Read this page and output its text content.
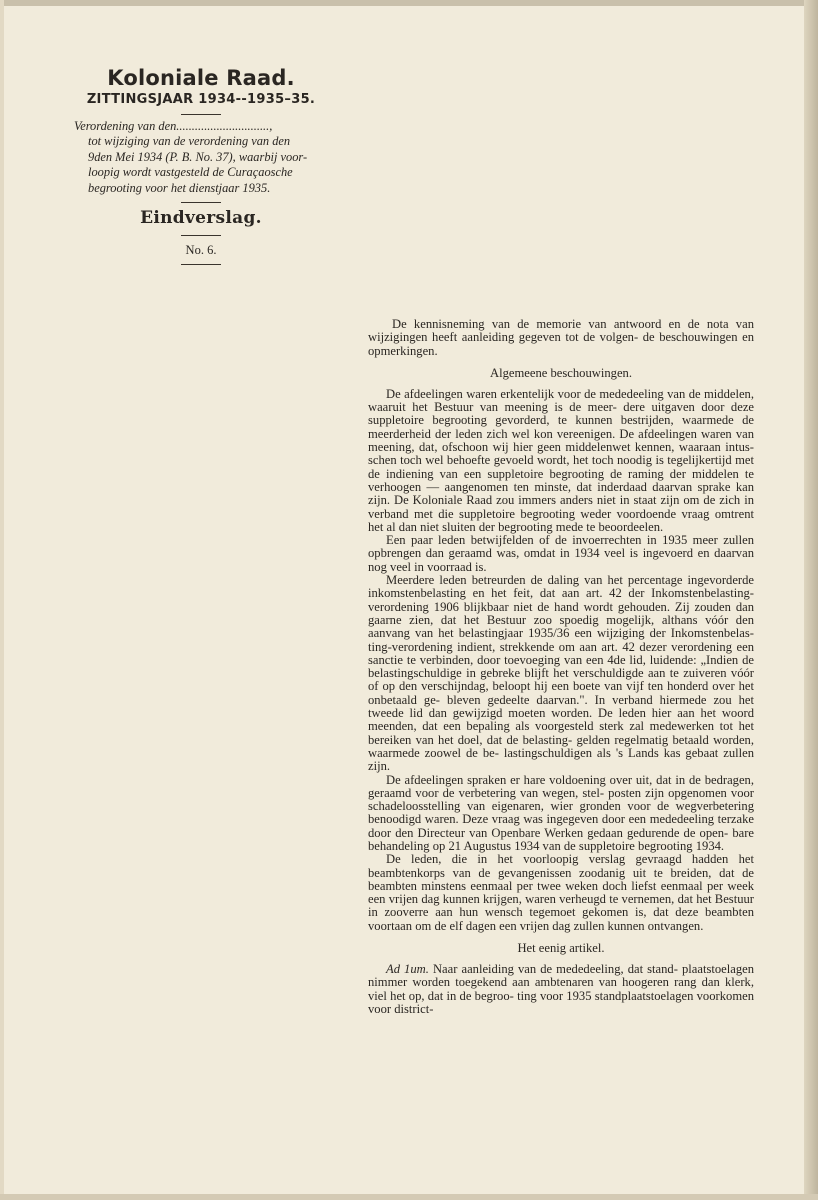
Koloniale Raad.
ZITTINGSJAAR 1934--1935–35.
Verordening van den..............................,
tot wijziging van de verordening van den
9den Mei 1934 (P. B. No. 37), waarbij voor-
loopig wordt vastgesteld de Curaçaosche
begrooting voor het dienstjaar 1935.
Eindverslag.
No. 6.

De kennisneming van de memorie van antwoord en de nota van wijzigingen heeft aanleiding gegeven tot de volgen- de beschouwingen en opmerkingen.

Algemeene beschouwingen.

De afdeelingen waren erkentelijk voor de mededeeling van de middelen, waaruit het Bestuur van meening is de meer- dere uitgaven door deze suppletoire begrooting gevorderd, te kunnen bestrijden, waarmede de meerderheid der leden zich wel kon vereenigen. De afdeelingen waren van meening, dat, ofschoon wij hier geen middelenwet kennen, waaraan intus- schen toch wel behoefte gevoeld wordt, het toch noodig is tegelijkertijd met de indiening van een suppletoire begrooting de raming der middelen te verhoogen — aangenomen ten minste, dat inderdaad daarvan sprake kan zijn. De Koloniale Raad zou immers anders niet in staat zijn om de zich in verband met die suppletoire begrooting weder voordoende vraag omtrent het al dan niet sluiten der begrooting mede te beoordeelen.

Een paar leden betwijfelden of de invoerrechten in 1935 meer zullen opbrengen dan geraamd was, omdat in 1934 veel is ingevoerd en daarvan nog veel in voorraad is.

Meerdere leden betreurden de daling van het percentage ingevorderde inkomstenbelasting en het feit, dat aan art. 42 der Inkomstenbelasting-verordening 1906 blijkbaar niet de hand wordt gehouden. Zij zouden dan gaarne zien, dat het Bestuur zoo spoedig mogelijk, althans vóór den aanvang van het belastingjaar 1935/36 een wijziging der Inkomstenbelas- ting-verordening indient, strekkende om aan art. 42 dezer verordening een sanctie te verbinden, door toevoeging van een 4de lid, luidende: „Indien de belastingschuldige in gebreke blijft het verschuldigde aan te zuiveren vóór of op den verschijndag, beloopt hij een boete van vijf ten honderd over het onbetaald ge- bleven gedeelte daarvan.". In verband hiermede zou het tweede lid dan gewijzigd moeten worden. De leden hier aan het woord meenden, dat een bepaling als voorgesteld sterk zal medewerken tot het bereiken van het doel, dat de belasting- gelden regelmatig betaald worden, waarmede zoowel de be- lastingschuldigen als 's Lands kas gebaat zullen zijn.

De afdeelingen spraken er hare voldoening over uit, dat in de bedragen, geraamd voor de verbetering van wegen, stel- posten zijn opgenomen voor schadeloosstelling van eigenaren, wier gronden voor de wegverbetering benoodigd waren. Deze vraag was ingegeven door een mededeeling terzake door den Directeur van Openbare Werken gedaan gedurende de open- bare behandeling op 21 Augustus 1934 van de suppletoire begrooting 1934.

De leden, die in het voorloopig verslag gevraagd hadden het beambtenkorps van de gevangenissen zoodanig uit te breiden, dat de beambten minstens eenmaal per twee weken doch liefst eenmaal per week een vrijen dag kunnen krijgen, waren verheugd te vernemen, dat het Bestuur in zooverre aan hun wensch tegemoet gekomen is, dat deze beambten voortaan om de elf dagen een vrijen dag zullen kunnen ontvangen.

Het eenig artikel.

Ad 1um. Naar aanleiding van de mededeeling, dat stand- plaatstoelagen nimmer worden toegekend aan ambtenaren van hoogeren rang dan klerk, viel het op, dat in de begroo- ting voor 1935 standplaatstoelagen voorkomen voor district-
